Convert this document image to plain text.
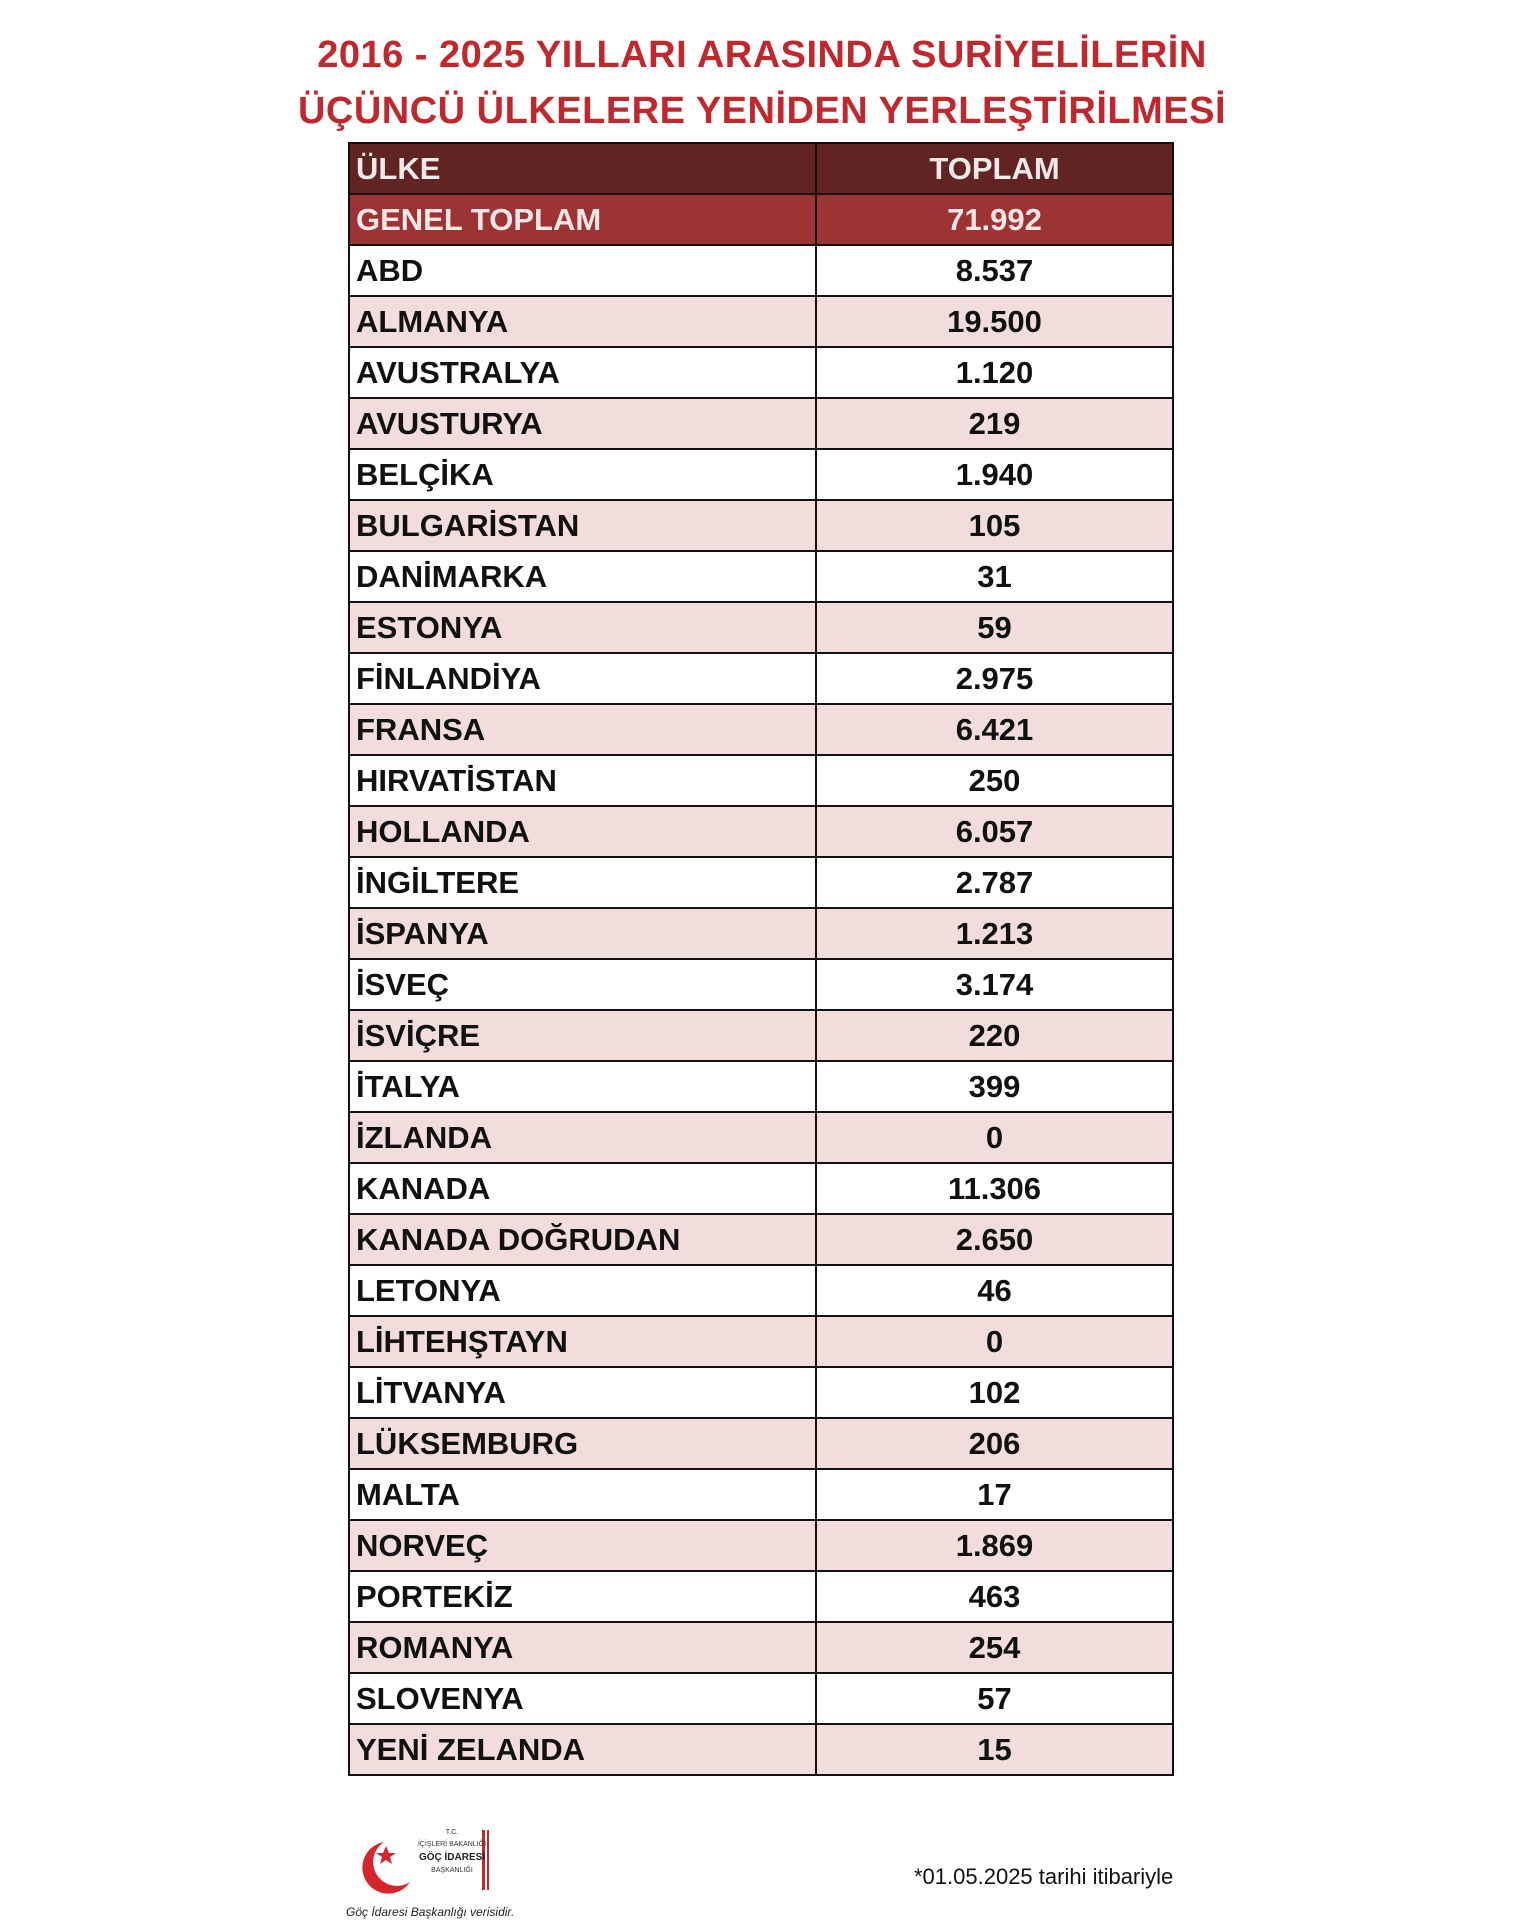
2016 - 2025 YILLARI ARASINDA SURİYELİLERİN
ÜÇÜNCÜ ÜLKELERE YENİDEN YERLEŞTİRİLMESİ
ÜLKE	TOPLAM
GENEL TOPLAM	71.992
ABD	8.537
ALMANYA	19.500
AVUSTRALYA	1.120
AVUSTURYA	219
BELÇİKA	1.940
BULGARİSTAN	105
DANİMARKA	31
ESTONYA	59
FİNLANDİYA	2.975
FRANSA	6.421
HIRVATİSTAN	250
HOLLANDA	6.057
İNGİLTERE	2.787
İSPANYA	1.213
İSVEÇ	3.174
İSVİÇRE	220
İTALYA	399
İZLANDA	0
KANADA	11.306
KANADA DOĞRUDAN	2.650
LETONYA	46
LİHTEHŞTAYN	0
LİTVANYA	102
LÜKSEMBURG	206
MALTA	17
NORVEÇ	1.869
PORTEKİZ	463
ROMANYA	254
SLOVENYA	57
YENİ ZELANDA	15
T.C.
İÇİŞLERİ BAKANLIĞI
GÖÇ İDARESİ
BAŞKANLIĞI
Göç İdaresi Başkanlığı verisidir.
*01.05.2025 tarihi itibariyle
